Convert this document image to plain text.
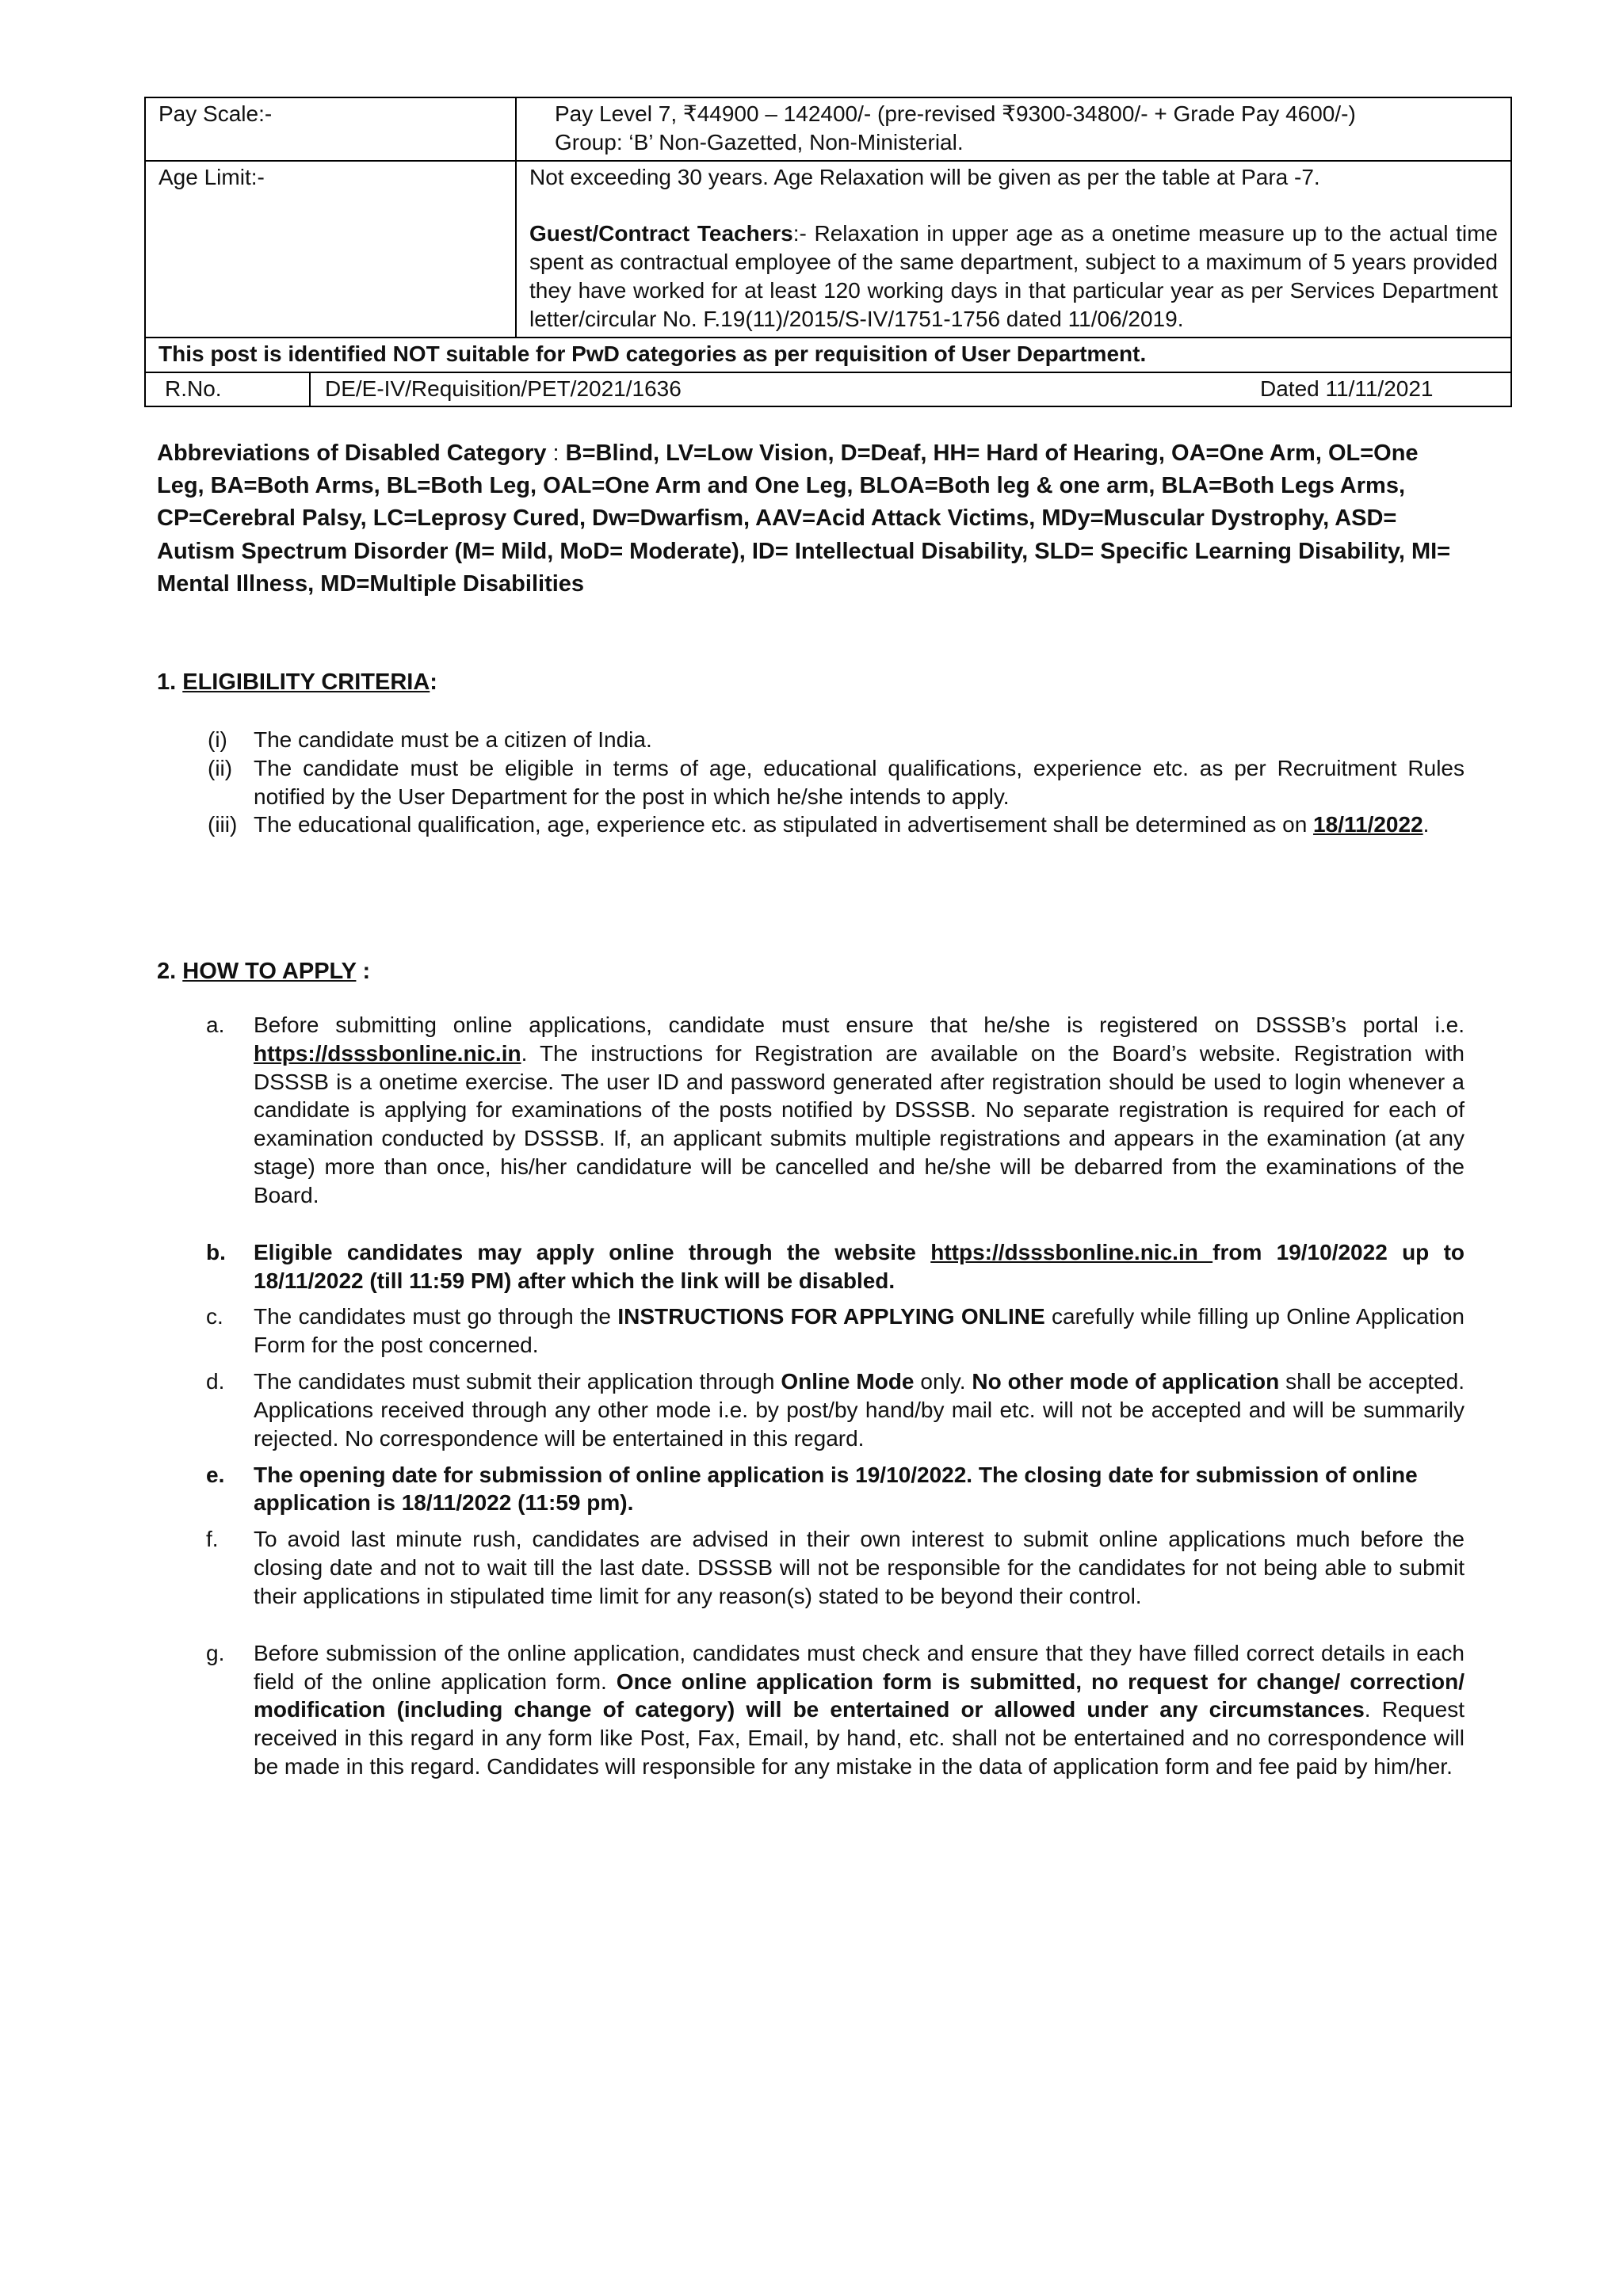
Pay Scale:-	Pay Level 7, ₹44900 – 142400/- (pre-revised ₹9300-34800/- + Grade Pay 4600/-)
Group: ‘B’ Non-Gazetted, Non-Ministerial.

Age Limit:-	Not exceeding 30 years. Age Relaxation will be given as per the table at Para -7.
Guest/Contract Teachers:- Relaxation in upper age as a onetime measure up to the actual time spent as contractual employee of the same department, subject to a maximum of 5 years provided they have worked for at least 120 working days in that particular year as per Services Department letter/circular No. F.19(11)/2015/S-IV/1751-1756 dated 11/06/2019.

This post is identified NOT suitable for PwD categories as per requisition of User Department.	

R.No. DE/E-IV/Requisition/PET/2021/1636 Dated 11/11/2021	
Abbreviations of Disabled Category : B=Blind, LV=Low Vision, D=Deaf, HH= Hard of Hearing, OA=One Arm, OL=One Leg, BA=Both Arms, BL=Both Leg, OAL=One Arm and One Leg, BLOA=Both leg & one arm, BLA=Both Legs Arms, CP=Cerebral Palsy, LC=Leprosy Cured, Dw=Dwarfism, AAV=Acid Attack Victims, MDy=Muscular Dystrophy, ASD= Autism Spectrum Disorder (M= Mild, MoD= Moderate), ID= Intellectual Disability, SLD= Specific Learning Disability, MI= Mental Illness, MD=Multiple Disabilities
1. ELIGIBILITY CRITERIA:
(i)	The candidate must be a citizen of India.
(ii) The candidate must be eligible in terms of age, educational qualifications, experience etc. as per Recruitment Rules notified by the User Department for the post in which he/she intends to apply.
(iii) The educational qualification, age, experience etc. as stipulated in advertisement shall be determined as on 18/11/2022.
2. HOW TO APPLY :
a.	Before submitting online applications, candidate must ensure that he/she is registered on DSSSB’s portal i.e. https://dsssbonline.nic.in. The instructions for Registration are available on the Board’s website. Registration with DSSSB is a onetime exercise. The user ID and password generated after registration should be used to login whenever a candidate is applying for examinations of the posts notified by DSSSB. No separate registration is required for each of examination conducted by DSSSB. If, an applicant submits multiple registrations and appears in the examination (at any stage) more than once, his/her candidature will be cancelled and he/she will be debarred from the examinations of the Board.
b.	Eligible candidates may apply online through the website https://dsssbonline.nic.in from 19/10/2022 up to 18/11/2022 (till 11:59 PM) after which the link will be disabled.
c.	The candidates must go through the INSTRUCTIONS FOR APPLYING ONLINE carefully while filling up Online Application Form for the post concerned.
d.	The candidates must submit their application through Online Mode only. No other mode of application shall be accepted. Applications received through any other mode i.e. by post/by hand/by mail etc. will not be accepted and will be summarily rejected. No correspondence will be entertained in this regard.
e.	The opening date for submission of online application is 19/10/2022. The closing date for submission of online application is 18/11/2022 (11:59 pm).
f.	To avoid last minute rush, candidates are advised in their own interest to submit online applications much before the closing date and not to wait till the last date. DSSSB will not be responsible for the candidates for not being able to submit their applications in stipulated time limit for any reason(s) stated to be beyond their control.
g.	Before submission of the online application, candidates must check and ensure that they have filled correct details in each field of the online application form. Once online application form is submitted, no request for change/ correction/ modification (including change of category) will be entertained or allowed under any circumstances. Request received in this regard in any form like Post, Fax, Email, by hand, etc. shall not be entertained and no correspondence will be made in this regard. Candidates will responsible for any mistake in the data of application form and fee paid by him/her.
